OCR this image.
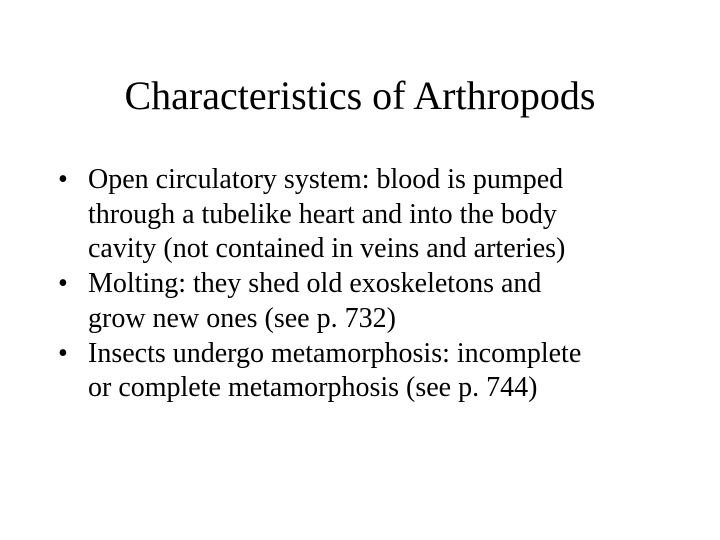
Characteristics of Arthropods
• Open circulatory system: blood is pumped
through a tubelike heart and into the body
cavity (not contained in veins and arteries)
• Molting: they shed old exoskeletons and
grow new ones (see p. 732)
• Insects undergo metamorphosis: incomplete
or complete metamorphosis (see p. 744)
